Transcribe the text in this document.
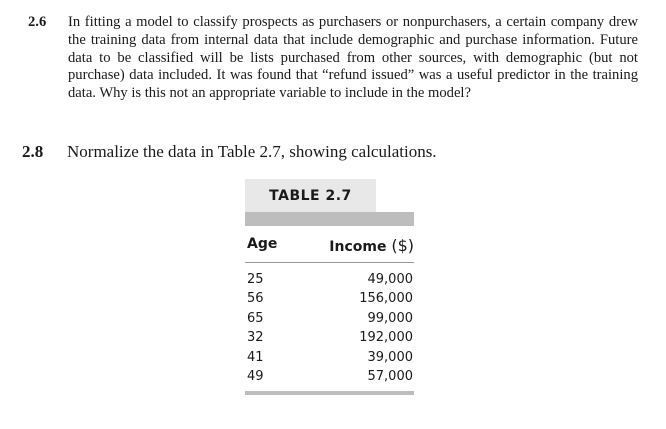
2.6	In fitting a model to classify prospects as purchasers or nonpurchasers, a certain company drew the training data from internal data that include demographic and purchase information. Future data to be classified will be lists purchased from other sources, with demographic (but not purchase) data included. It was found that “refund issued” was a useful predictor in the training data. Why is this not an appropriate variable to include in the model?
2.8 Normalize the data in Table 2.7, showing calculations.
TABLE 2.7
Age	Income ($)
25
56
65
32
41
49
49,000
156,000
99,000
192,000
39,000
57,000
